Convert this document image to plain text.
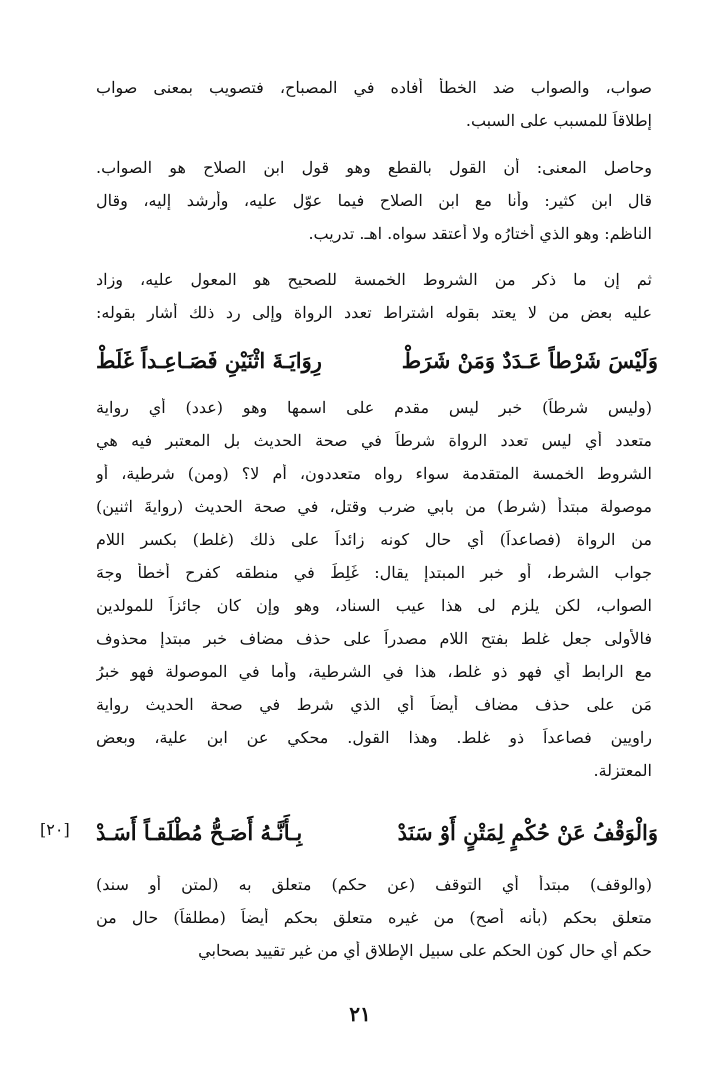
صواب، والصواب ضد الخطأ أفاده في المصباح، فتصويب بمعنى صواب
إطلاقاً للمسبب على السبب.
وحاصل المعنى: أن القول بالقطع وهو قول ابن الصلاح هو الصواب.
قال ابن كثير: وأنا مع ابن الصلاح فيما عوّل عليه، وأرشد إليه، وقال
الناظم: وهو الذي أختارُه ولا أعتقد سواه. اهـ. تدريب.
ثم إن ما ذكر من الشروط الخمسة للصحيح هو المعول عليه، وزاد
عليه بعض من لا يعتد بقوله اشتراط تعدد الرواة وإلى رد ذلك أشار بقوله:
وَلَيْسَ شَرْطاً عَـدَدٌ وَمَنْ شَرَطْ
رِوَايَـةَ اثْنَيْنِ فَصَـاعِـداً غَلَطْ
(وليس شرطاً) خبر ليس مقدم على اسمها وهو (عدد) أي رواية
متعدد أي ليس تعدد الرواة شرطاً في صحة الحديث بل المعتبر فيه هي
الشروط الخمسة المتقدمة سواء رواه متعددون، أم لا؟ (ومن) شرطية، أو
موصولة مبتدأ (شرط) من بابي ضرب وقتل، في صحة الحديث (روايةَ اثنين)
من الرواة (فصاعداً) أي حال كونه زائداً على ذلك (غلط) بكسر اللام
جواب الشرط، أو خبر المبتدإ يقال: غَلِطَ في منطقه كفرح أخطأ وجهَ
الصواب، لكن يلزم لى هذا عيب السناد، وهو وإن كان جائزاً للمولدين
فالأولى جعل غلط بفتح اللام مصدراً على حذف مضاف خبر مبتدإ محذوف
مع الرابط أي فهو ذو غلط، هذا في الشرطية، وأما في الموصولة فهو خبرُ
مَن على حذف مضاف أيضاً أي الذي شرط في صحة الحديث رواية
راويين فصاعداً ذو غلط. وهذا القول. محكي عن ابن علية، وبعض
المعتزلة.
وَالْوَقْفُ عَنْ حُكْمٍ لِمَتْنٍ أَوْ سَنَدْ
بِـأَنَّـهُ أَصَـحُّ مُطْلَقـاً أَسَـدْ
[٢٠]
(والوقف) مبتدأ أي التوقف (عن حكم) متعلق به (لمتن أو سند)
متعلق بحكم (بأنه أصح) من غيره متعلق بحكم أيضاً (مطلقاً) حال من
حكم أي حال كون الحكم على سبيل الإطلاق أي من غير تقييد بصحابي
٢١
